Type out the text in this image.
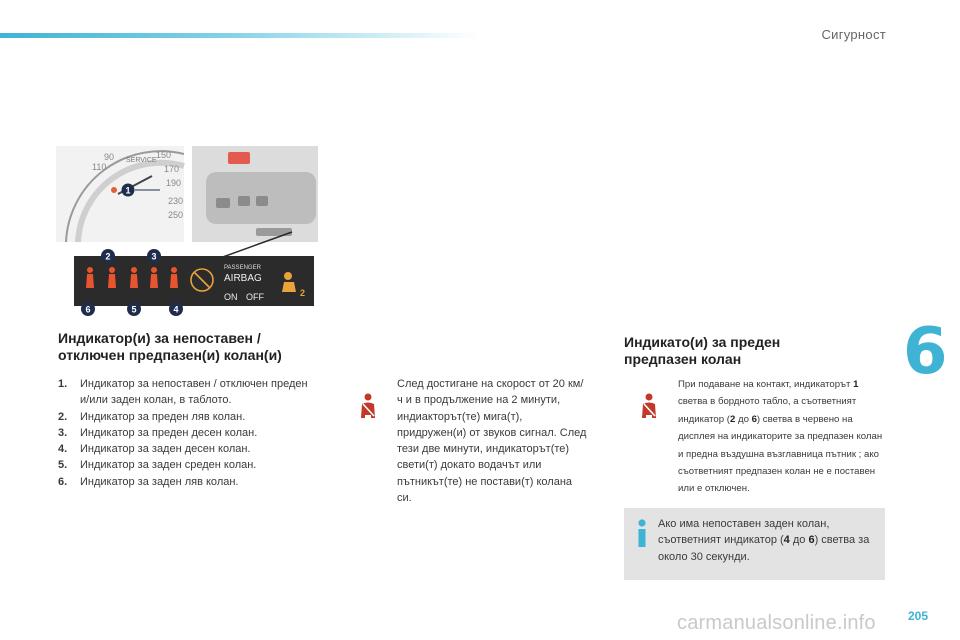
Сигурност
6
SERVICE
90
110
150
170
190
230
250
1
PASSENGER
AIRBAG
ON OFF	2
2	3
4
5
6
Индикатор(и) за непоставен /
отключен предпазен(и) колан(и)
1.	Индикатор за непоставен / отключен преден и/или заден колан, в таблото.
2.	Индикатор за преден ляв колан.
3.	Индикатор за преден десен колан.
4.	Индикатор за заден десен колан.
5.	Индикатор за заден среден колан.
6.	Индикатор за заден ляв колан.

След достигане на скорост от 20 км/ч и в продължение на 2 минути, индиакторът(те) мига(т), придружен(и) от звуков сигнал. След тези две минути, индикаторът(те) свети(т) докато водачът или пътникът(те) не постави(т) колана си.

Индикато(и) за преден
предпазен колан

При подаване на контакт, индикаторът 1 светва в бордното табло, а съответният индикатор (2 до 6) светва в червено на дисплея на индикаторите за предпазен колан и предна въздушна възглавница пътник ; ако съответният предпазен колан не е поставен или е отключен.

Ако има непоставен заден колан, съответният индикатор (4 до 6) светва за около 30 секунди.

carmanualsonline.info	205
